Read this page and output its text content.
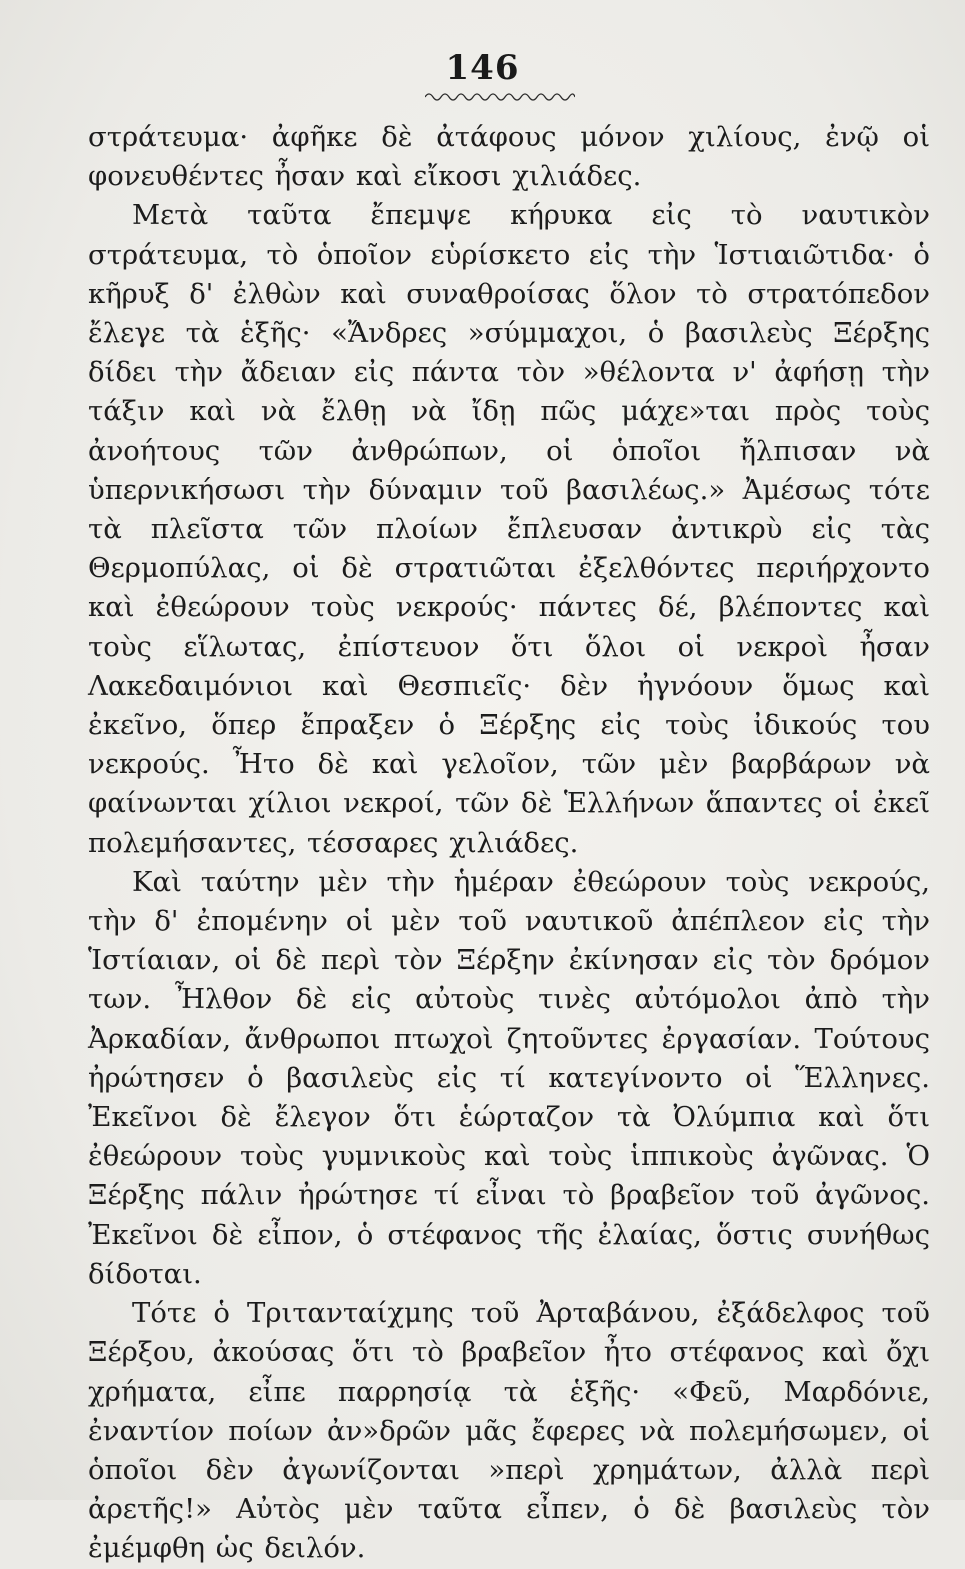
146

στράτευμα· ἀφῆκε δὲ ἀτάφους μόνον χιλίους, ἐνῷ οἱ φονευθέντες ἦσαν καὶ εἴκοσι χιλιάδες.

Μετὰ ταῦτα ἔπεμψε κήρυκα εἰς τὸ ναυτικὸν στράτευμα, τὸ ὁποῖον εὑρίσκετο εἰς τὴν Ἱστιαιῶτιδα· ὁ κῆρυξ δ' ἐλθὼν καὶ συναθροίσας ὅλον τὸ στρατόπεδον ἔλεγε τὰ ἑξῆς· «Ἄνδρες »σύμμαχοι, ὁ βασιλεὺς Ξέρξης δίδει τὴν ἄδειαν εἰς πάντα τὸν »θέλοντα ν' ἀφήσῃ τὴν τάξιν καὶ νὰ ἔλθῃ νὰ ἴδῃ πῶς μάχε»ται πρὸς τοὺς ἀνοήτους τῶν ἀνθρώπων, οἱ ὁποῖοι ἤλπισαν νὰ ὑπερνικήσωσι τὴν δύναμιν τοῦ βασιλέως.» Ἀμέσως τότε τὰ πλεῖστα τῶν πλοίων ἔπλευσαν ἀντικρὺ εἰς τὰς Θερμοπύλας, οἱ δὲ στρατιῶται ἐξελθόντες περιήρχοντο καὶ ἐθεώρουν τοὺς νεκρούς· πάντες δέ, βλέποντες καὶ τοὺς εἵλωτας, ἐπίστευον ὅτι ὅλοι οἱ νεκροὶ ἦσαν Λακεδαιμόνιοι καὶ Θεσπιεῖς· δὲν ἠγνόουν ὅμως καὶ ἐκεῖνο, ὅπερ ἔπραξεν ὁ Ξέρξης εἰς τοὺς ἰδικούς του νεκρούς. Ἦτο δὲ καὶ γελοῖον, τῶν μὲν βαρβάρων νὰ φαίνωνται χίλιοι νεκροί, τῶν δὲ Ἑλλήνων ἅπαντες οἱ ἐκεῖ πολεμήσαντες, τέσσαρες χιλιάδες.

Καὶ ταύτην μὲν τὴν ἡμέραν ἐθεώρουν τοὺς νεκρούς, τὴν δ' ἐπομένην οἱ μὲν τοῦ ναυτικοῦ ἀπέπλεον εἰς τὴν Ἱστίαιαν, οἱ δὲ περὶ τὸν Ξέρξην ἐκίνησαν εἰς τὸν δρόμον των. Ἦλθον δὲ εἰς αὐτοὺς τινὲς αὐτόμολοι ἀπὸ τὴν Ἀρκαδίαν, ἄνθρωποι πτωχοὶ ζητοῦντες ἐργασίαν. Τούτους ἠρώτησεν ὁ βασιλεὺς εἰς τί κατεγίνοντο οἱ Ἕλληνες. Ἐκεῖνοι δὲ ἔλεγον ὅτι ἑώρταζον τὰ Ὀλύμπια καὶ ὅτι ἐθεώρουν τοὺς γυμνικοὺς καὶ τοὺς ἱππικοὺς ἀγῶνας. Ὁ Ξέρξης πάλιν ἠρώτησε τί εἶναι τὸ βραβεῖον τοῦ ἀγῶνος. Ἐκεῖνοι δὲ εἶπον, ὁ στέφανος τῆς ἐλαίας, ὅστις συνήθως δίδοται.

Τότε ὁ Τριτανταίχμης τοῦ Ἀρταβάνου, ἐξάδελφος τοῦ Ξέρξου, ἀκούσας ὅτι τὸ βραβεῖον ἦτο στέφανος καὶ ὄχι χρήματα, εἶπε παρρησίᾳ τὰ ἑξῆς· «Φεῦ, Μαρδόνιε, ἐναντίον ποίων ἀν»δρῶν μᾶς ἔφερες νὰ πολεμήσωμεν, οἱ ὁποῖοι δὲν ἀγωνίζονται »περὶ χρημάτων, ἀλλὰ περὶ ἀρετῆς!» Αὐτὸς μὲν ταῦτα εἶπεν, ὁ δὲ βασιλεὺς τὸν ἐμέμφθη ὡς δειλόν.
